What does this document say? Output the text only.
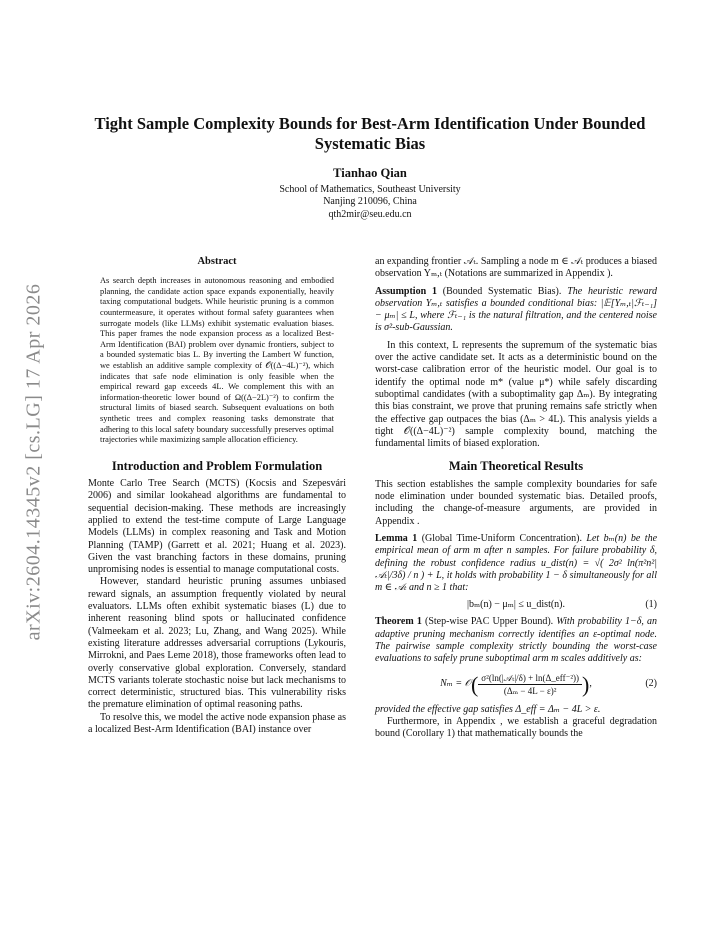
arXiv:2604.14345v2 [cs.LG] 17 Apr 2026
Tight Sample Complexity Bounds for Best-Arm Identification Under Bounded Systematic Bias
Tianhao Qian
School of Mathematics, Southeast University
Nanjing 210096, China
qth2mir@seu.edu.cn
Abstract

As search depth increases in autonomous reasoning and embodied planning, the candidate action space expands exponentially, heavily taxing computational budgets. While heuristic pruning is a common countermeasure, it operates without formal safety guarantees when surrogate models (like LLMs) exhibit systematic evaluation biases. This paper frames the node expansion process as a localized Best-Arm Identification (BAI) problem over dynamic frontiers, subject to a bounded systematic bias L. By inverting the Lambert W function, we establish an additive sample complexity of 𝒪((Δ−4L)⁻²), which indicates that safe node elimination is only feasible when the empirical reward gap exceeds 4L. We complement this with an information-theoretic lower bound of Ω((Δ−2L)⁻²) to confirm the structural limits of biased search. Subsequent evaluations on both synthetic trees and complex reasoning tasks demonstrate that adhering to this local safety boundary successfully preserves optimal trajectories while maximizing sample allocation efficiency.

Introduction and Problem Formulation

Monte Carlo Tree Search (MCTS) (Kocsis and Szepesvári 2006) and similar lookahead algorithms are fundamental to sequential decision-making. These methods are increasingly applied to extend the test-time compute of Large Language Models (LLMs) in complex reasoning and Task and Motion Planning (TAMP) (Garrett et al. 2021; Huang et al. 2023). Given the vast branching factors in these domains, pruning unpromising nodes is essential to manage computational costs.

However, standard heuristic pruning assumes unbiased reward signals, an assumption frequently violated by neural evaluators. LLMs often exhibit systematic biases (L) due to inherent reasoning blind spots or hallucinated confidence (Valmeekam et al. 2023; Lu, Zhang, and Wang 2025). While existing literature addresses adversarial corruptions (Lykouris, Mirrokni, and Paes Leme 2018), those frameworks often lead to overly conservative global exploration. Conversely, standard MCTS variants tolerate stochastic noise but lack mechanisms to correct deterministic, structured bias. This vulnerability risks the premature elimination of optimal reasoning paths.

To resolve this, we model the active node expansion phase as a localized Best-Arm Identification (BAI) instance over

an expanding frontier 𝒜ₜ. Sampling a node m ∈ 𝒜ₜ produces a biased observation Yₘ,ₜ (Notations are summarized in Appendix ).

Assumption 1 (Bounded Systematic Bias). The heuristic reward observation Yₘ,ₜ satisfies a bounded conditional bias: |𝔼[Yₘ,ₜ|ℱₜ₋₁] − μₘ| ≤ L, where ℱₜ₋₁ is the natural filtration, and the centered noise is σ²-sub-Gaussian.

In this context, L represents the supremum of the systematic bias over the active candidate set. It acts as a deterministic bound on the worst-case calibration error of the heuristic model. Our goal is to identify the optimal node m* (value μ*) while safely discarding suboptimal candidates (with a suboptimality gap Δₘ). By integrating this bias constraint, we prove that pruning remains safe strictly when the effective gap outpaces the bias (Δₘ > 4L). This analysis yields a tight 𝒪((Δ−4L)⁻²) sample complexity bound, matching the fundamental limits of biased exploration.

Main Theoretical Results

This section establishes the sample complexity boundaries for safe node elimination under bounded systematic bias. Detailed proofs, including the change-of-measure arguments, are provided in Appendix .

Lemma 1 (Global Time-Uniform Concentration). Let bₘ(n) be the empirical mean of arm m after n samples. For failure probability δ, defining the robust confidence radius u_dist(n) = √( 2σ² ln(π²n²|𝒜ₜ|/3δ) / n ) + L, it holds with probability 1 − δ simultaneously for all m ∈ 𝒜ₜ and n ≥ 1 that:

|bₘ(n) − μₘ| ≤ u_dist(n).	(1)

Theorem 1 (Step-wise PAC Upper Bound). With probability 1−δ, an adaptive pruning mechanism correctly identifies an ε-optimal node. The pairwise sample complexity strictly bounding the worst-case evaluations to safely prune suboptimal arm m scales additively as:

Nₘ = 𝒪 ( $\frac{\text{σ²(ln(|𝒜ₜ|/δ) + ln(Δ\_eff⁻²))}}{\text{(Δₘ − 4L − ε)²}}$ ) ,	(2)

provided the effective gap satisfies Δ_eff = Δₘ − 4L > ε.

Furthermore, in Appendix , we establish a graceful degradation bound (Corollary 1) that mathematically bounds the
